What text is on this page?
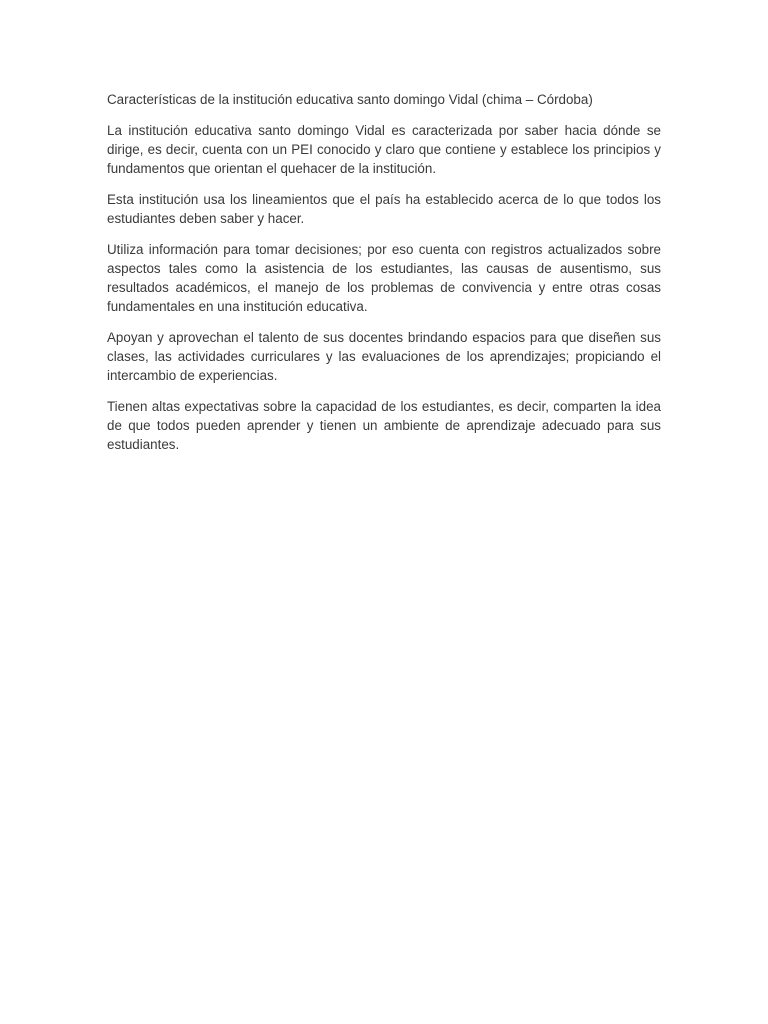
Características de la institución educativa santo domingo Vidal (chima – Córdoba)

La institución educativa santo domingo Vidal es caracterizada por saber hacia dónde se dirige, es decir, cuenta con un PEI conocido y claro que contiene y establece los principios y fundamentos que orientan el quehacer de la institución.

Esta institución usa los lineamientos que el país ha establecido acerca de lo que todos los estudiantes deben saber y hacer.

Utiliza información para tomar decisiones; por eso cuenta con registros actualizados sobre aspectos tales como la asistencia de los estudiantes, las causas de ausentismo, sus resultados académicos, el manejo de los problemas de convivencia y entre otras cosas fundamentales en una institución educativa.

Apoyan y aprovechan el talento de sus docentes brindando espacios para que diseñen sus clases, las actividades curriculares y las evaluaciones de los aprendizajes; propiciando el intercambio de experiencias.

Tienen altas expectativas sobre la capacidad de los estudiantes, es decir, comparten la idea de que todos pueden aprender y tienen un ambiente de aprendizaje adecuado para sus estudiantes.
